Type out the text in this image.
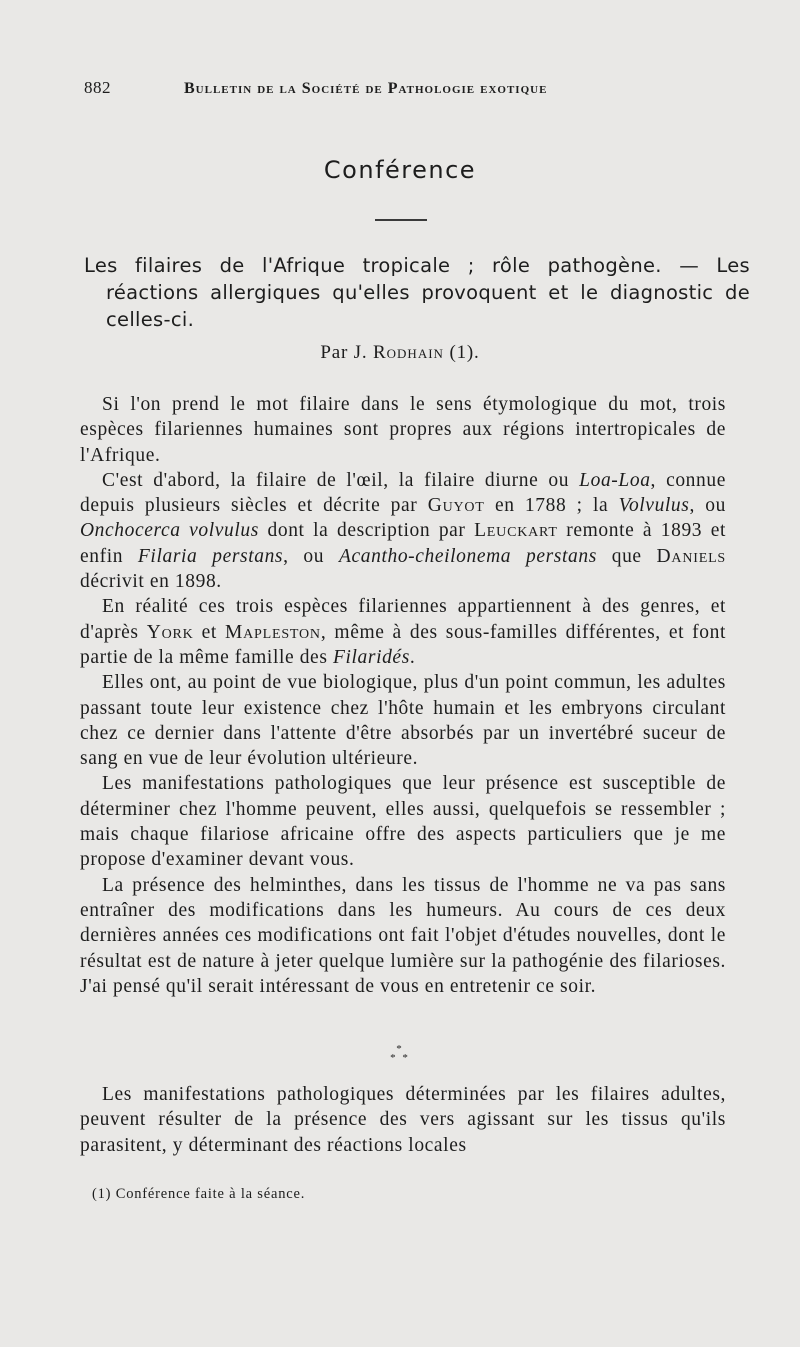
882	Bulletin de la Société de Pathologie exotique
Conférence
Les filaires de l'Afrique tropicale ; rôle pathogène. — Les réactions allergiques qu'elles provoquent et le diagnostic de celles-ci.
Par J. Rodhain (1).

Si l'on prend le mot filaire dans le sens étymologique du mot, trois espèces filariennes humaines sont propres aux régions intertropicales de l'Afrique.

C'est d'abord, la filaire de l'œil, la filaire diurne ou Loa-Loa, connue depuis plusieurs siècles et décrite par Guyot en 1788 ; la Volvulus, ou Onchocerca volvulus dont la description par Leuckart remonte à 1893 et enfin Filaria perstans, ou Acantho-cheilonema perstans que Daniels décrivit en 1898.

En réalité ces trois espèces filariennes appartiennent à des genres, et d'après York et Mapleston, même à des sous-familles différentes, et font partie de la même famille des Filaridés.

Elles ont, au point de vue biologique, plus d'un point commun, les adultes passant toute leur existence chez l'hôte humain et les embryons circulant chez ce dernier dans l'attente d'être absorbés par un invertébré suceur de sang en vue de leur évolution ultérieure.

Les manifestations pathologiques que leur présence est susceptible de déterminer chez l'homme peuvent, elles aussi, quelquefois se ressembler ; mais chaque filariose africaine offre des aspects particuliers que je me propose d'examiner devant vous.

La présence des helminthes, dans les tissus de l'homme ne va pas sans entraîner des modifications dans les humeurs. Au cours de ces deux dernières années ces modifications ont fait l'objet d'études nouvelles, dont le résultat est de nature à jeter quelque lumière sur la pathogénie des filarioses. J'ai pensé qu'il serait intéressant de vous en entretenir ce soir.

*
* *

Les manifestations pathologiques déterminées par les filaires adultes, peuvent résulter de la présence des vers agissant sur les tissus qu'ils parasitent, y déterminant des réactions locales

(1) Conférence faite à la séance.
